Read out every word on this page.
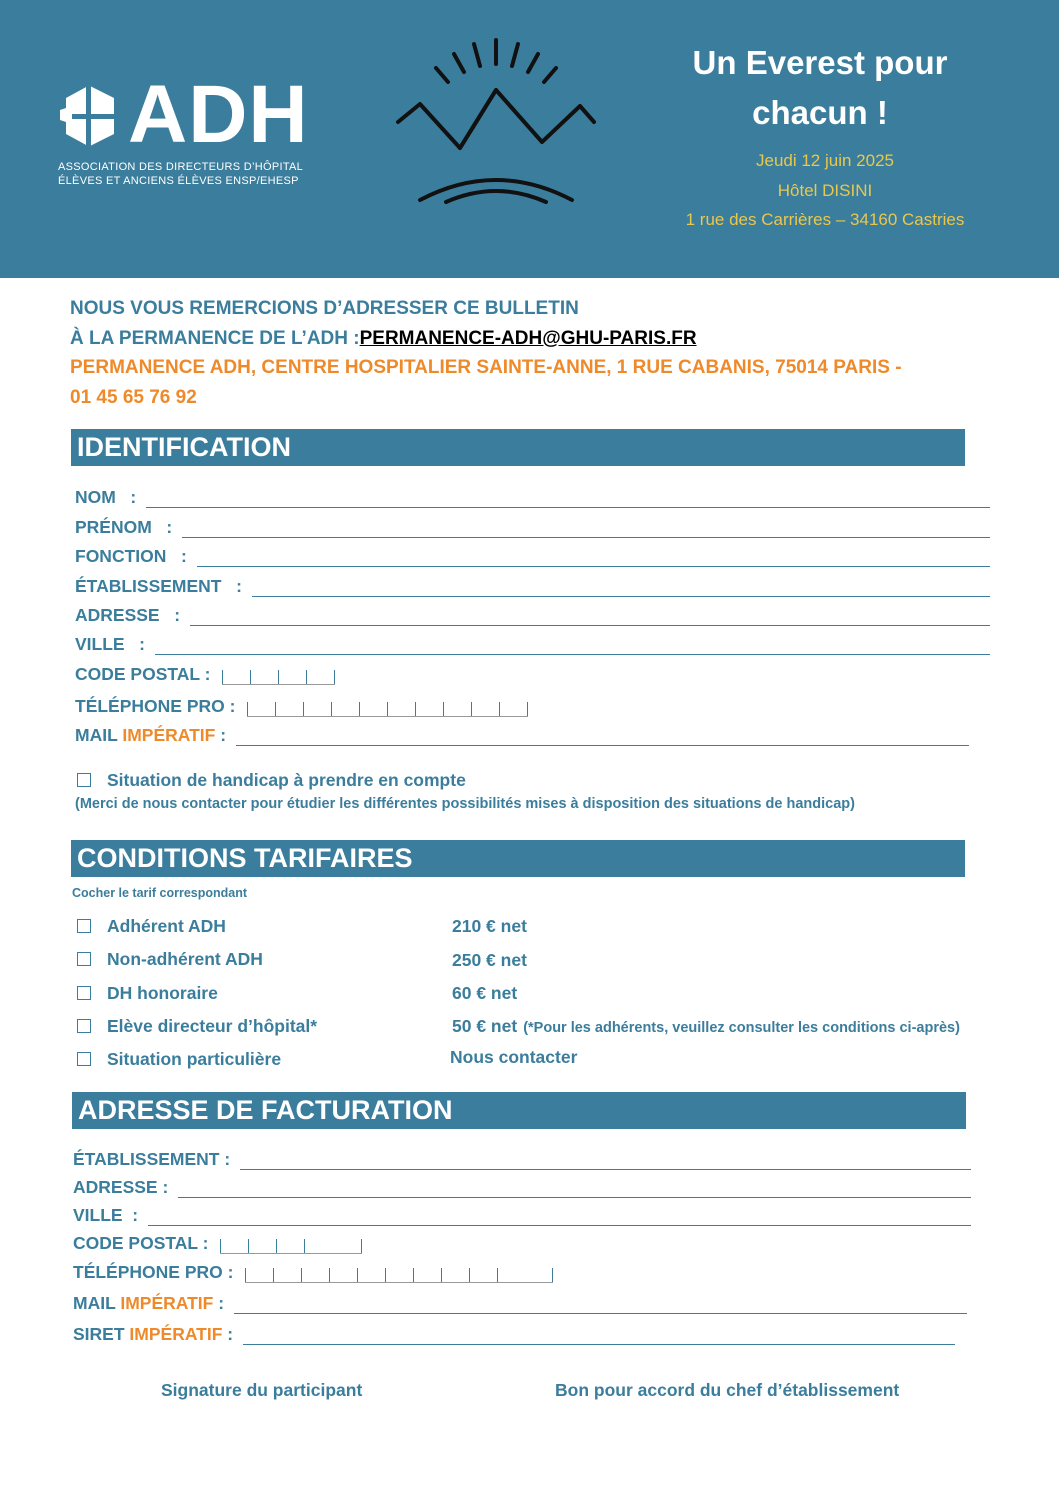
ADH
ASSOCIATION DES DIRECTEURS D’HÔPITAL
ÉLÈVES ET ANCIENS ÉLÈVES ENSP/EHESP
Un Everest pour
chacun !
Jeudi 12 juin 2025
Hôtel DISINI
1 rue des Carrières – 34160 Castries
NOUS VOUS REMERCIONS D’ADRESSER CE BULLETIN
À LA PERMANENCE DE L’ADH :PERMANENCE-ADH@GHU-PARIS.FR
PERMANENCE ADH, CENTRE HOSPITALIER SAINTE-ANNE, 1 RUE CABANIS, 75014 PARIS -
01 45 65 76 92
IDENTIFICATION
NOM   :
PRÉNOM   :
FONCTION   :
ÉTABLISSEMENT   :
ADRESSE   :
VILLE   :
CODE POSTAL :
TÉLÉPHONE PRO :
MAIL IMPÉRATIF :
Situation de handicap à prendre en compte
(Merci de nous contacter pour étudier les différentes possibilités mises à disposition des situations de handicap)
CONDITIONS TARIFAIRES
Cocher le tarif correspondant
Adhérent ADH	210 € net
Non-adhérent ADH	250 € net
DH honoraire	60 € net
Elève directeur d’hôpital*	50 € net (*Pour les adhérents, veuillez consulter les conditions ci-après)
Situation particulière	Nous contacter
ADRESSE DE FACTURATION
ÉTABLISSEMENT :
ADRESSE :
VILLE  :
CODE POSTAL :
TÉLÉPHONE PRO :
MAIL IMPÉRATIF :
SIRET IMPÉRATIF :
Signature du participant	Bon pour accord du chef d’établissement
